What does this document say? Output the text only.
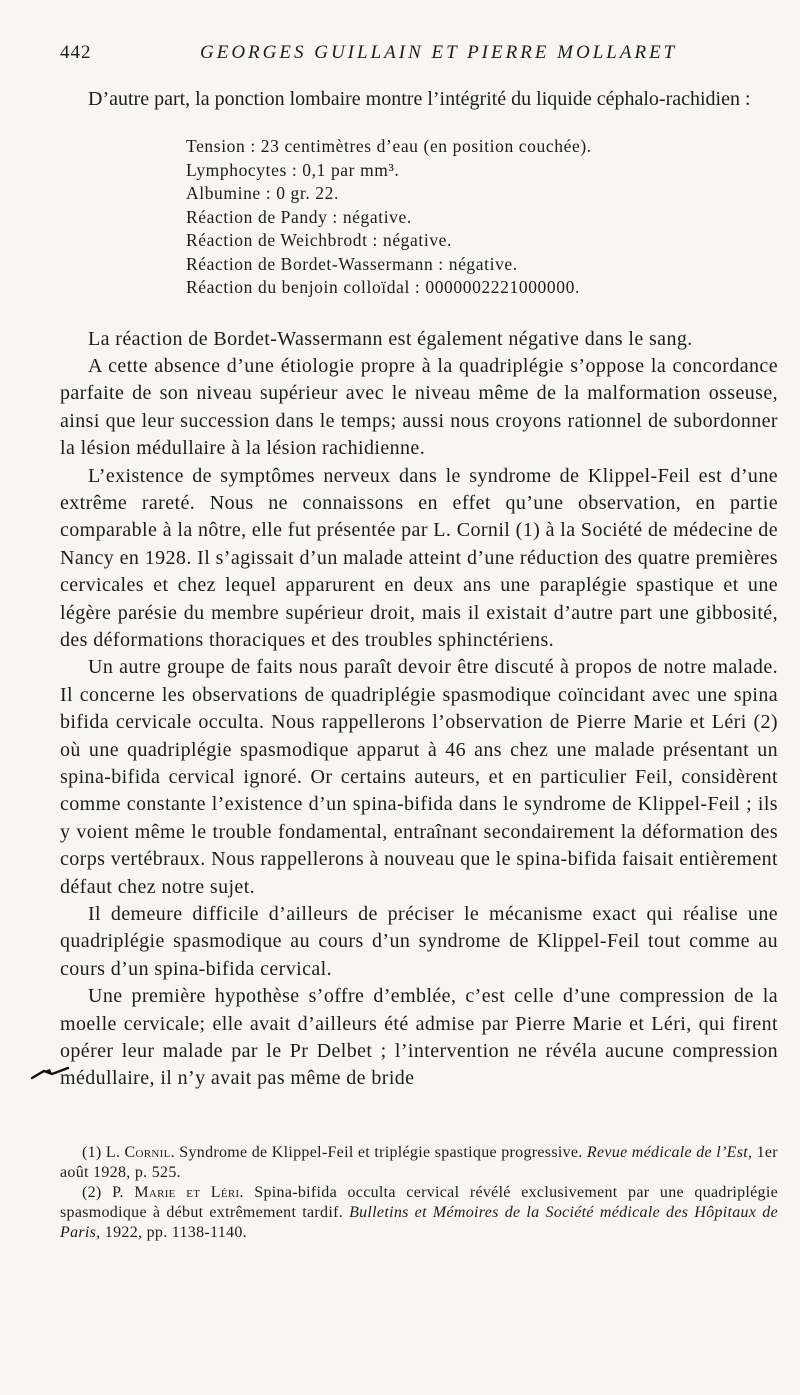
442	GEORGES GUILLAIN ET PIERRE MOLLARET
D’autre part, la ponction lombaire montre l’intégrité du liquide céphalo-rachidien :
Tension : 23 centimètres d’eau (en position couchée).
Lymphocytes : 0,1 par mm³.
Albumine : 0 gr. 22.
Réaction de Pandy : négative.
Réaction de Weichbrodt : négative.
Réaction de Bordet-Wassermann : négative.
Réaction du benjoin colloïdal : 0000002221000000.

La réaction de Bordet-Wassermann est également négative dans le sang.

A cette absence d’une étiologie propre à la quadriplégie s’oppose la concordance parfaite de son niveau supérieur avec le niveau même de la malformation osseuse, ainsi que leur succession dans le temps; aussi nous croyons rationnel de subordonner la lésion médullaire à la lésion rachidienne.

L’existence de symptômes nerveux dans le syndrome de Klippel-Feil est d’une extrême rareté. Nous ne connaissons en effet qu’une observation, en partie comparable à la nôtre, elle fut présentée par L. Cornil (1) à la Société de médecine de Nancy en 1928. Il s’agissait d’un malade atteint d’une réduction des quatre premières cervicales et chez lequel apparurent en deux ans une paraplégie spastique et une légère parésie du membre supérieur droit, mais il existait d’autre part une gibbosité, des déformations thoraciques et des troubles sphinctériens.

Un autre groupe de faits nous paraît devoir être discuté à propos de notre malade. Il concerne les observations de quadriplégie spasmodique coïncidant avec une spina bifida cervicale occulta. Nous rappellerons l’observation de Pierre Marie et Léri (2) où une quadriplégie spasmodique apparut à 46 ans chez une malade présentant un spina-bifida cervical ignoré. Or certains auteurs, et en particulier Feil, considèrent comme constante l’existence d’un spina-bifida dans le syndrome de Klippel-Feil ; ils y voient même le trouble fondamental, entraînant secondairement la déformation des corps vertébraux. Nous rappellerons à nouveau que le spina-bifida faisait entièrement défaut chez notre sujet.

Il demeure difficile d’ailleurs de préciser le mécanisme exact qui réalise une quadriplégie spasmodique au cours d’un syndrome de Klippel-Feil tout comme au cours d’un spina-bifida cervical.

Une première hypothèse s’offre d’emblée, c’est celle d’une compression de la moelle cervicale; elle avait d’ailleurs été admise par Pierre Marie et Léri, qui firent opérer leur malade par le Pr Delbet ; l’intervention ne révéla aucune compression médullaire, il n’y avait pas même de bride

(1) L. Cornil. Syndrome de Klippel-Feil et triplégie spastique progressive. Revue médicale de l’Est, 1er août 1928, p. 525.

(2) P. Marie et Léri. Spina-bifida occulta cervical révélé exclusivement par une quadriplégie spasmodique à début extrêmement tardif. Bulletins et Mémoires de la Société médicale des Hôpitaux de Paris, 1922, pp. 1138-1140.
